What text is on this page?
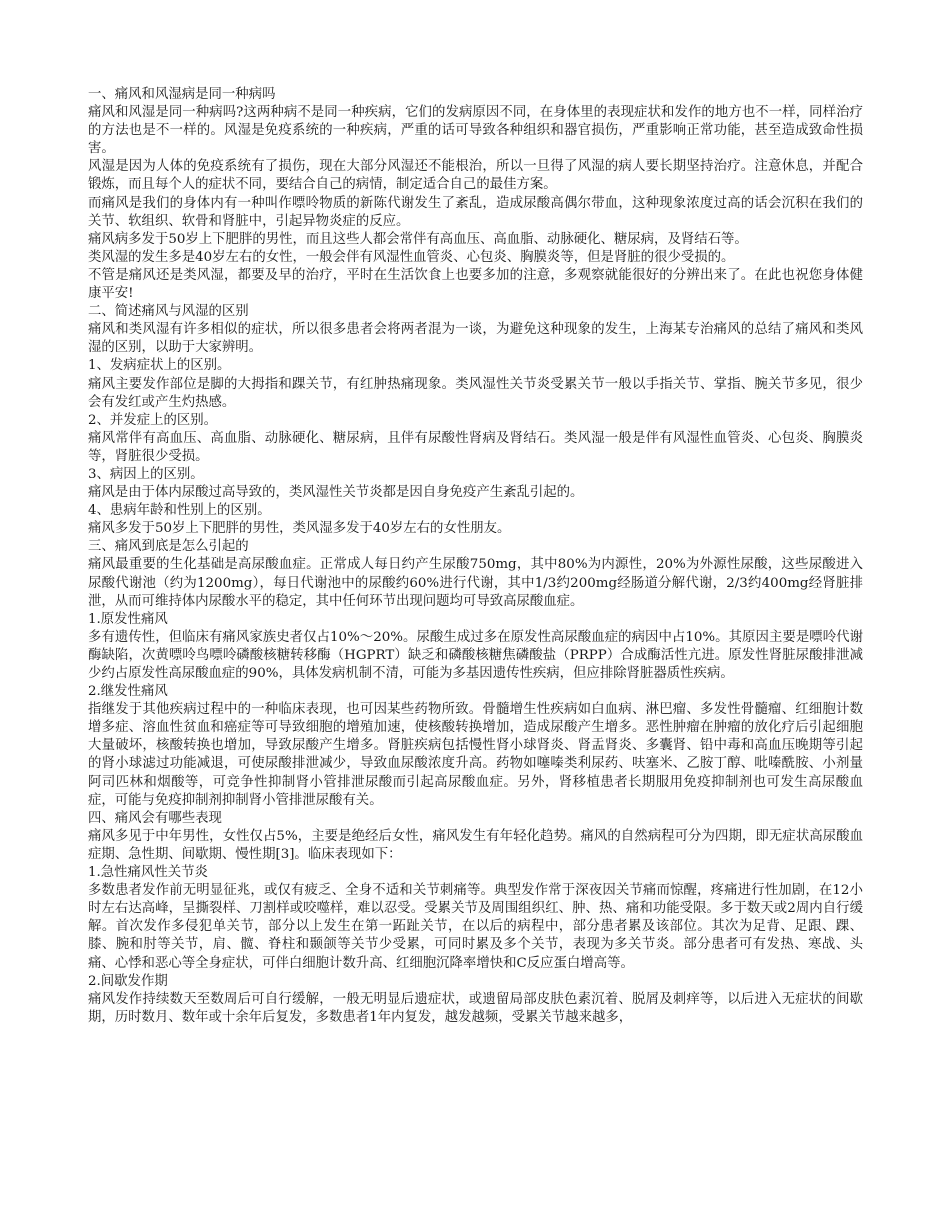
一、痛风和风湿病是同一种病吗

痛风和风湿是同一种病吗?这两种病不是同一种疾病，它们的发病原因不同，在身体里的表现症状和发作的地方也不一样，同样治疗的方法也是不一样的。风湿是免疫系统的一种疾病，严重的话可导致各种组织和器官损伤，严重影响正常功能，甚至造成致命性损害。

风湿是因为人体的免疫系统有了损伤，现在大部分风湿还不能根治，所以一旦得了风湿的病人要长期坚持治疗。注意休息，并配合锻炼，而且每个人的症状不同，要结合自己的病情，制定适合自己的最佳方案。

而痛风是我们的身体内有一种叫作嘌呤物质的新陈代谢发生了紊乱，造成尿酸高偶尔带血，这种现象浓度过高的话会沉积在我们的关节、软组织、软骨和肾脏中，引起异物炎症的反应。

痛风病多发于50岁上下肥胖的男性，而且这些人都会常伴有高血压、高血脂、动脉硬化、糖尿病，及肾结石等。

类风湿的发生多是40岁左右的女性，一般会伴有风湿性血管炎、心包炎、胸膜炎等，但是肾脏的很少受损的。

不管是痛风还是类风湿，都要及早的治疗，平时在生活饮食上也要多加的注意，多观察就能很好的分辨出来了。在此也祝您身体健康平安!

二、简述痛风与风湿的区别

痛风和类风湿有许多相似的症状，所以很多患者会将两者混为一谈，为避免这种现象的发生，上海某专治痛风的总结了痛风和类风湿的区别，以助于大家辨明。

1、发病症状上的区别。

痛风主要发作部位是脚的大拇指和踝关节，有红肿热痛现象。类风湿性关节炎受累关节一般以手指关节、掌指、腕关节多见，很少会有发红或产生灼热感。

2、并发症上的区别。

痛风常伴有高血压、高血脂、动脉硬化、糖尿病，且伴有尿酸性肾病及肾结石。类风湿一般是伴有风湿性血管炎、心包炎、胸膜炎等，肾脏很少受损。

3、病因上的区别。

痛风是由于体内尿酸过高导致的，类风湿性关节炎都是因自身免疫产生紊乱引起的。

4、患病年龄和性别上的区别。

痛风多发于50岁上下肥胖的男性，类风湿多发于40岁左右的女性朋友。

三、痛风到底是怎么引起的

痛风最重要的生化基础是高尿酸血症。正常成人每日约产生尿酸750mg，其中80%为内源性，20%为外源性尿酸，这些尿酸进入尿酸代谢池（约为1200mg），每日代谢池中的尿酸约60%进行代谢，其中1/3约200mg经肠道分解代谢，2/3约400mg经肾脏排泄，从而可维持体内尿酸水平的稳定，其中任何环节出现问题均可导致高尿酸血症。

1.原发性痛风

多有遗传性，但临床有痛风家族史者仅占10%～20%。尿酸生成过多在原发性高尿酸血症的病因中占10%。其原因主要是嘌呤代谢酶缺陷，次黄嘌呤鸟嘌呤磷酸核糖转移酶（HGPRT）缺乏和磷酸核糖焦磷酸盐（PRPP）合成酶活性亢进。原发性肾脏尿酸排泄减少约占原发性高尿酸血症的90%，具体发病机制不清，可能为多基因遗传性疾病，但应排除肾脏器质性疾病。

2.继发性痛风

指继发于其他疾病过程中的一种临床表现，也可因某些药物所致。骨髓增生性疾病如白血病、淋巴瘤、多发性骨髓瘤、红细胞计数增多症、溶血性贫血和癌症等可导致细胞的增殖加速，使核酸转换增加，造成尿酸产生增多。恶性肿瘤在肿瘤的放化疗后引起细胞大量破坏，核酸转换也增加，导致尿酸产生增多。肾脏疾病包括慢性肾小球肾炎、肾盂肾炎、多囊肾、铅中毒和高血压晚期等引起的肾小球滤过功能减退，可使尿酸排泄减少，导致血尿酸浓度升高。药物如噻嗪类利尿药、呋塞米、乙胺丁醇、吡嗪酰胺、小剂量阿司匹林和烟酸等，可竞争性抑制肾小管排泄尿酸而引起高尿酸血症。另外，肾移植患者长期服用免疫抑制剂也可发生高尿酸血症，可能与免疫抑制剂抑制肾小管排泄尿酸有关。

四、痛风会有哪些表现

痛风多见于中年男性，女性仅占5%，主要是绝经后女性，痛风发生有年轻化趋势。痛风的自然病程可分为四期，即无症状高尿酸血症期、急性期、间歇期、慢性期[3]。临床表现如下：

1.急性痛风性关节炎

多数患者发作前无明显征兆，或仅有疲乏、全身不适和关节刺痛等。典型发作常于深夜因关节痛而惊醒，疼痛进行性加剧，在12小时左右达高峰，呈撕裂样、刀割样或咬噬样，难以忍受。受累关节及周围组织红、肿、热、痛和功能受限。多于数天或2周内自行缓解。首次发作多侵犯单关节，部分以上发生在第一跖趾关节，在以后的病程中，部分患者累及该部位。其次为足背、足跟、踝、膝、腕和肘等关节，肩、髋、脊柱和颞颌等关节少受累，可同时累及多个关节，表现为多关节炎。部分患者可有发热、寒战、头痛、心悸和恶心等全身症状，可伴白细胞计数升高、红细胞沉降率增快和C反应蛋白增高等。

2.间歇发作期

痛风发作持续数天至数周后可自行缓解，一般无明显后遗症状，或遗留局部皮肤色素沉着、脱屑及刺痒等，以后进入无症状的间歇期，历时数月、数年或十余年后复发，多数患者1年内复发，越发越频，受累关节越来越多，
